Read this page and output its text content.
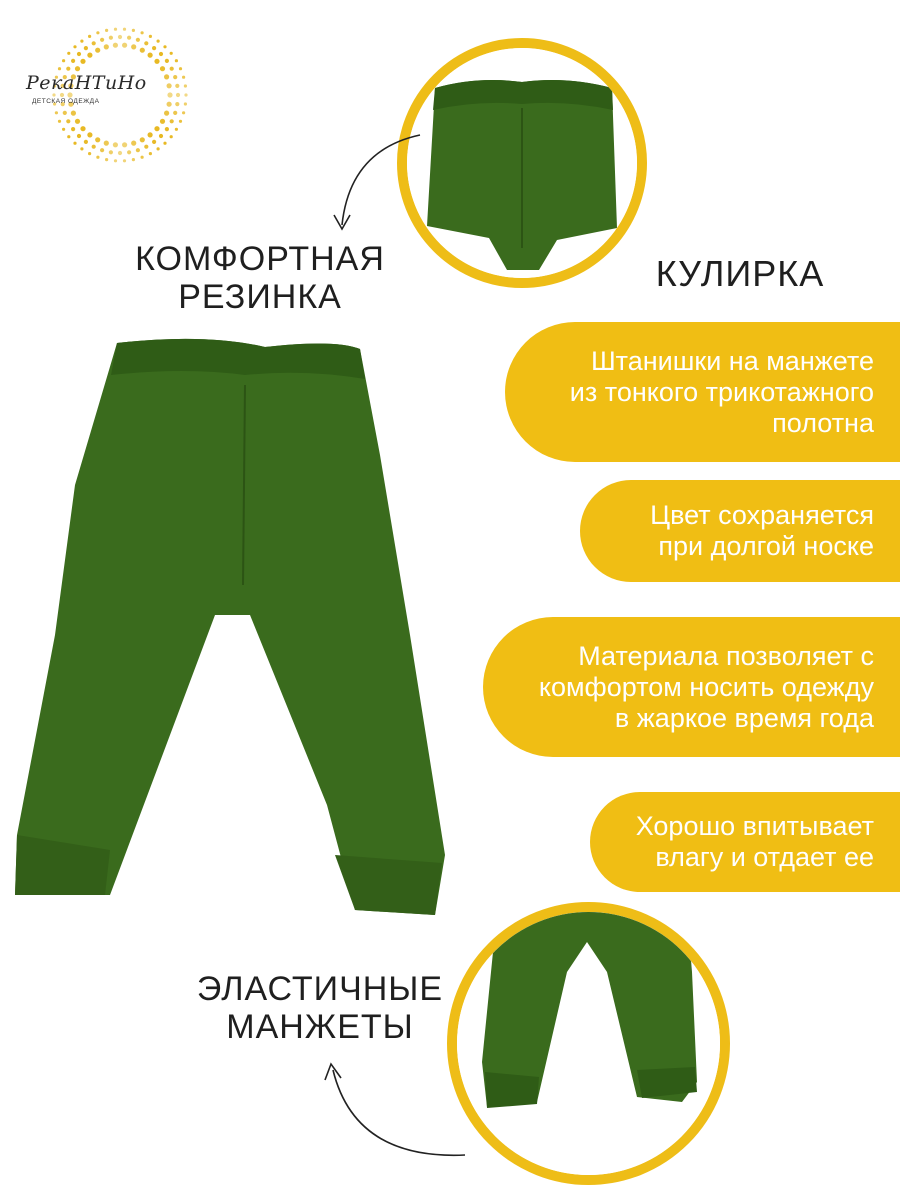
РекаНТиНо
ДЕТСКАЯ ОДЕЖДА
КОМФОРТНАЯ
РЕЗИНКА
КУЛИРКА
Штанишки на манжете
из тонкого трикотажного
полотна
Цвет сохраняется
при долгой носке
Материала позволяет с
комфортом носить одежду
в жаркое время года
Хорошо впитывает
влагу и отдает ее
ЭЛАСТИЧНЫЕ
МАНЖЕТЫ
